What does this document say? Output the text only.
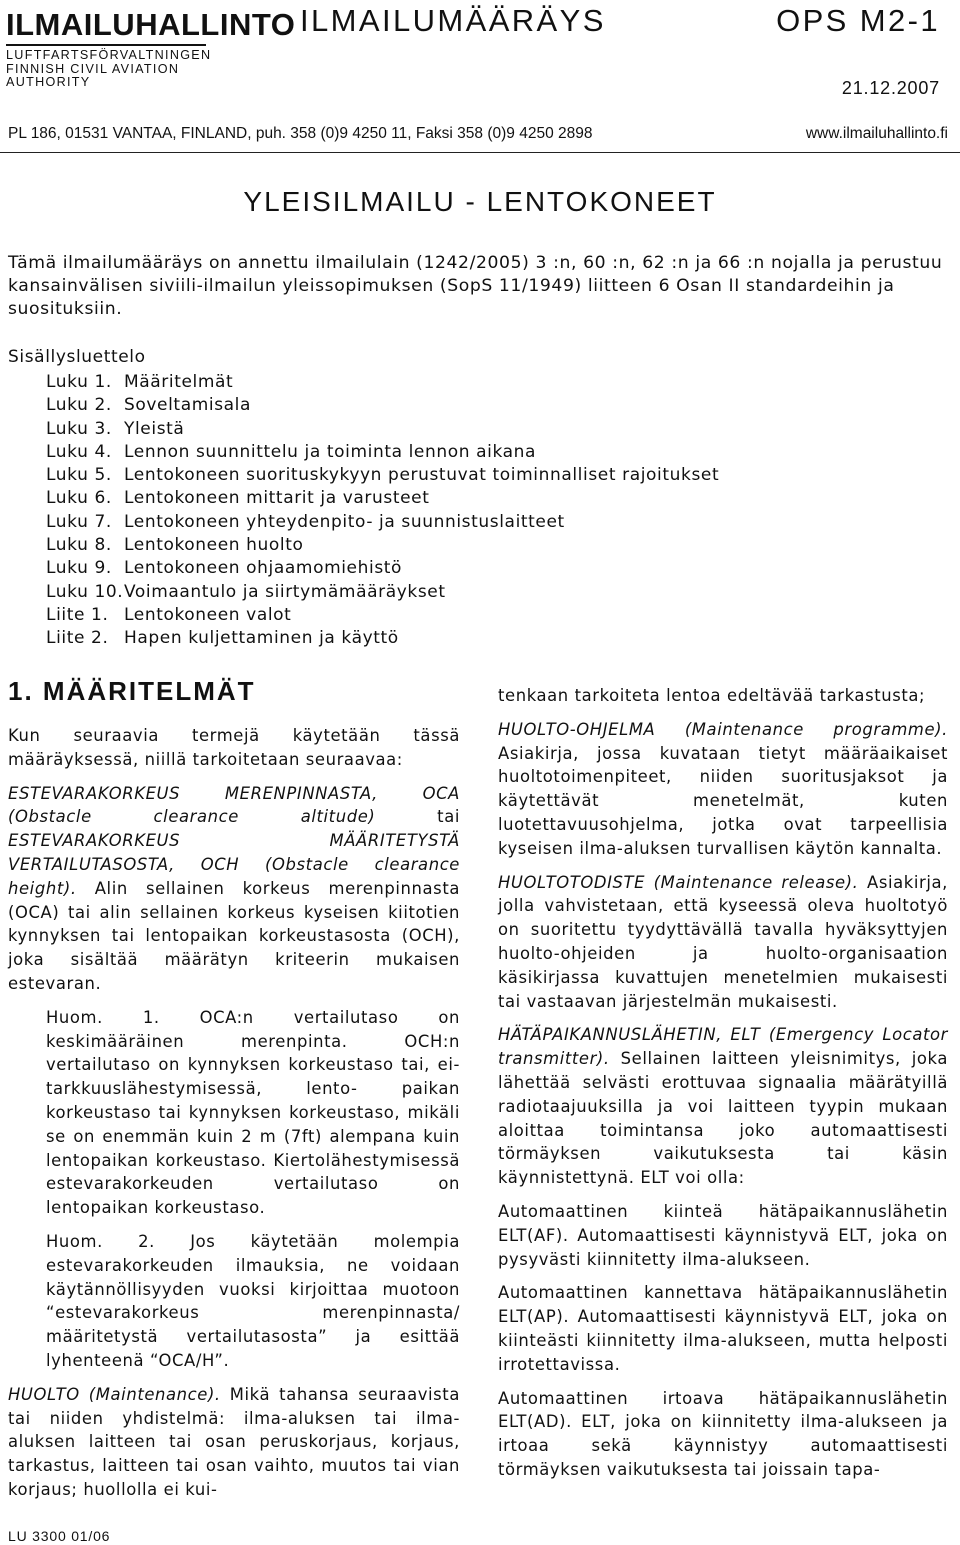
ILMAILUHALLINTO
LUFTFARTSFÖRVALTNINGEN
FINNISH CIVIL AVIATION AUTHORITY
ILMAILUMÄÄRÄYS	OPS M2-1
21.12.2007
PL 186, 01531 VANTAA, FINLAND, puh. 358 (0)9 4250 11, Faksi 358 (0)9 4250 2898	www.ilmailuhallinto.fi
YLEISILMAILU - LENTOKONEET

Tämä ilmailumääräys on annettu ilmailulain (1242/2005) 3 :n, 60 :n, 62 :n ja 66 :n nojalla ja perustuu kansainvälisen siviili-ilmailun yleissopimuksen (SopS 11/1949) liitteen 6 Osan II standardeihin ja suosituksiin.

Sisällysluettelo
Luku 1. Määritelmät
Luku 2. Soveltamisala
Luku 3. Yleistä
Luku 4. Lennon suunnittelu ja toiminta lennon aikana
Luku 5. Lentokoneen suorituskykyyn perustuvat toiminnalliset rajoitukset
Luku 6. Lentokoneen mittarit ja varusteet
Luku 7. Lentokoneen yhteydenpito- ja suunnistuslaitteet
Luku 8. Lentokoneen huolto
Luku 9. Lentokoneen ohjaamomiehistö
Luku 10.Voimaantulo ja siirtymämääräykset
Liite 1. Lentokoneen valot
Liite 2. Hapen kuljettaminen ja käyttö
1. MÄÄRITELMÄT

Kun seuraavia termejä käytetään tässä määräyksessä, niillä tarkoitetaan seuraavaa:

ESTEVARAKORKEUS MERENPINNASTA, OCA (Obstacle clearance altitude) tai ESTEVARAKORKEUS MÄÄRITETYSTÄ VERTAILUTASOSTA, OCH (Obstacle clearance height). Alin sellainen korkeus merenpinnasta (OCA) tai alin sellainen korkeus kyseisen kiitotien kynnyksen tai lentopaikan korkeustasosta (OCH), joka sisältää määrätyn kriteerin mukaisen estevaran.

Huom. 1. OCA:n vertailutaso on keskimääräinen merenpinta. OCH:n vertailutaso on kynnyksen korkeustaso tai, ei-tarkkuuslähestymisessä, lento- paikan korkeustaso tai kynnyksen korkeustaso, mikäli se on enemmän kuin 2 m (7ft) alempana kuin lentopaikan korkeustaso. Kiertolähestymisessä estevarakorkeuden vertailutaso on lentopaikan korkeustaso.

Huom. 2. Jos käytetään molempia estevarakorkeuden ilmauksia, ne voidaan käytännöllisyyden vuoksi kirjoittaa muotoon “estevarakorkeus merenpinnasta/ määritetystä vertailutasosta” ja esittää lyhenteenä “OCA/H”.

HUOLTO (Maintenance). Mikä tahansa seuraavista tai niiden yhdistelmä: ilma-aluksen tai ilma-aluksen laitteen tai osan peruskorjaus, korjaus, tarkastus, laitteen tai osan vaihto, muutos tai vian korjaus; huollolla ei kui-

tenkaan tarkoiteta lentoa edeltävää tarkastusta;

HUOLTO-OHJELMA (Maintenance programme). Asiakirja, jossa kuvataan tietyt määräaikaiset huoltotoimenpiteet, niiden suoritusjaksot ja käytettävät menetelmät, kuten luotettavuusohjelma, jotka ovat tarpeellisia kyseisen ilma-aluksen turvallisen käytön kannalta.

HUOLTOTODISTE (Maintenance release). Asiakirja, jolla vahvistetaan, että kyseessä oleva huoltotyö on suoritettu tyydyttävällä tavalla hyväksyttyjen huolto-ohjeiden ja huolto-organisaation käsikirjassa kuvattujen menetelmien mukaisesti tai vastaavan järjestelmän mukaisesti.

HÄTÄPAIKANNUSLÄHETIN, ELT (Emergency Locator transmitter). Sellainen laitteen yleisnimitys, joka lähettää selvästi erottuvaa signaalia määrätyillä radiotaajuuksilla ja voi laitteen tyypin mukaan aloittaa toimintansa joko automaattisesti törmäyksen vaikutuksesta tai käsin käynnistettynä. ELT voi olla:

Automaattinen kiinteä hätäpaikannuslähetin ELT(AF). Automaattisesti käynnistyvä ELT, joka on pysyvästi kiinnitetty ilma-alukseen.

Automaattinen kannettava hätäpaikannuslähetin ELT(AP). Automaattisesti käynnistyvä ELT, joka on kiinteästi kiinnitetty ilma-alukseen, mutta helposti irrotettavissa.

Automaattinen irtoava hätäpaikannuslähetin ELT(AD). ELT, joka on kiinnitetty ilma-alukseen ja irtoaa sekä käynnistyy automaattisesti törmäyksen vaikutuksesta tai joissain tapa-

LU 3300 01/06
